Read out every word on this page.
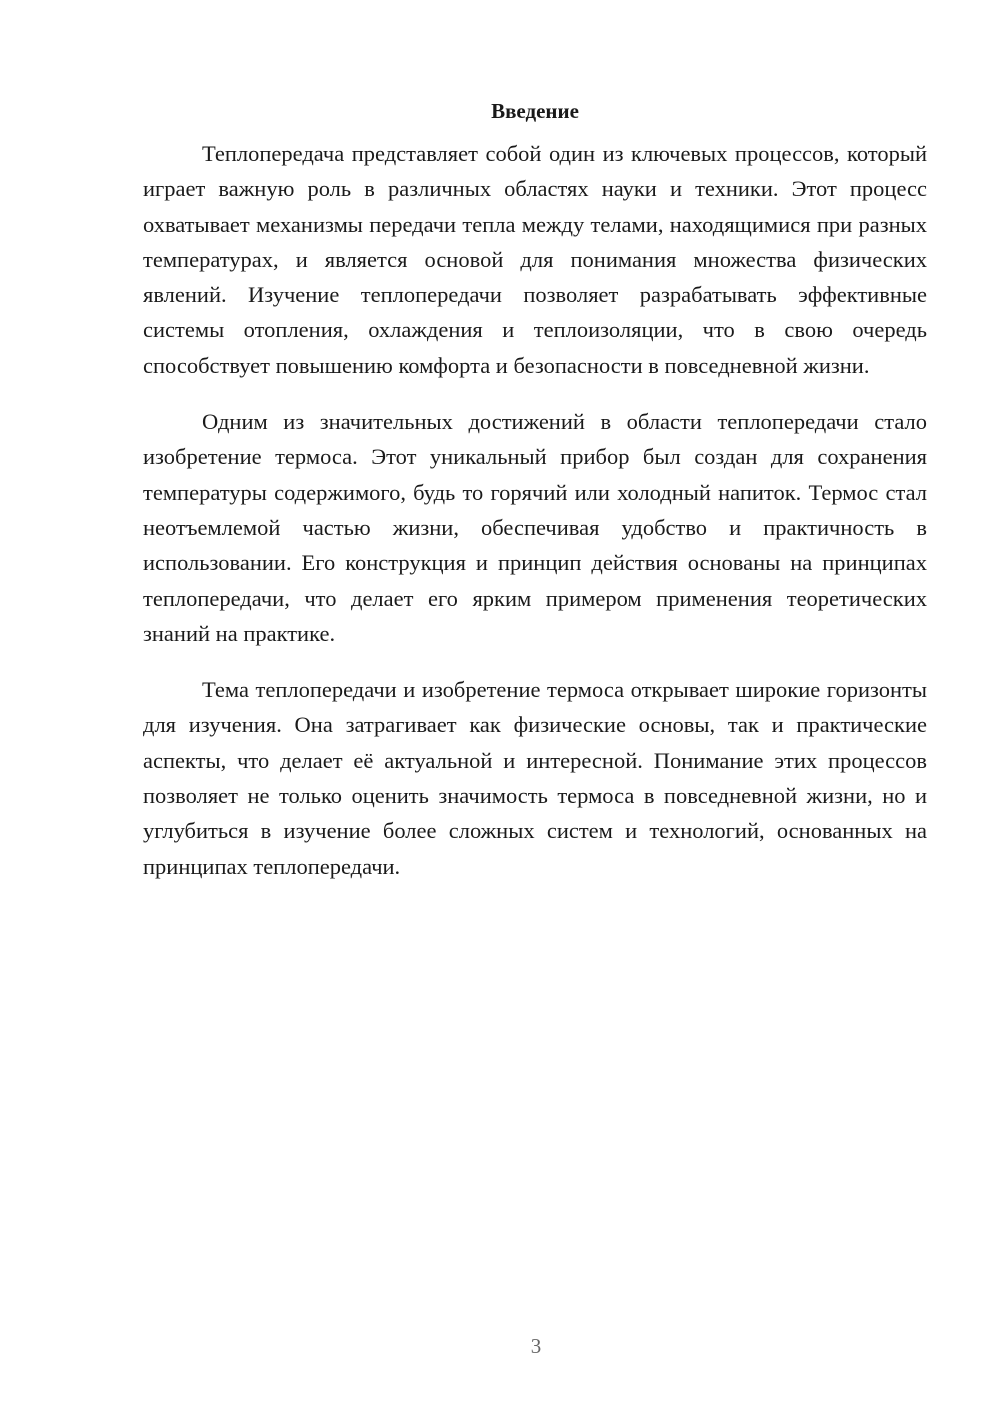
Введение

Теплопередача представляет собой один из ключевых процессов, который играет важную роль в различных областях науки и техники. Этот процесс охватывает механизмы передачи тепла между телами, находящимися при разных температурах, и является основой для понимания множества физических явлений. Изучение теплопередачи позволяет разрабатывать эффективные системы отопления, охлаждения и теплоизоляции, что в свою очередь способствует повышению комфорта и безопасности в повседневной жизни.

Одним из значительных достижений в области теплопередачи стало изобретение термоса. Этот уникальный прибор был создан для сохранения температуры содержимого, будь то горячий или холодный напиток. Термос стал неотъемлемой частью жизни, обеспечивая удобство и практичность в использовании. Его конструкция и принцип действия основаны на принципах теплопередачи, что делает его ярким примером применения теоретических знаний на практике.

Тема теплопередачи и изобретение термоса открывает широкие горизонты для изучения. Она затрагивает как физические основы, так и практические аспекты, что делает её актуальной и интересной. Понимание этих процессов позволяет не только оценить значимость термоса в повседневной жизни, но и углубиться в изучение более сложных систем и технологий, основанных на принципах теплопередачи.

3
